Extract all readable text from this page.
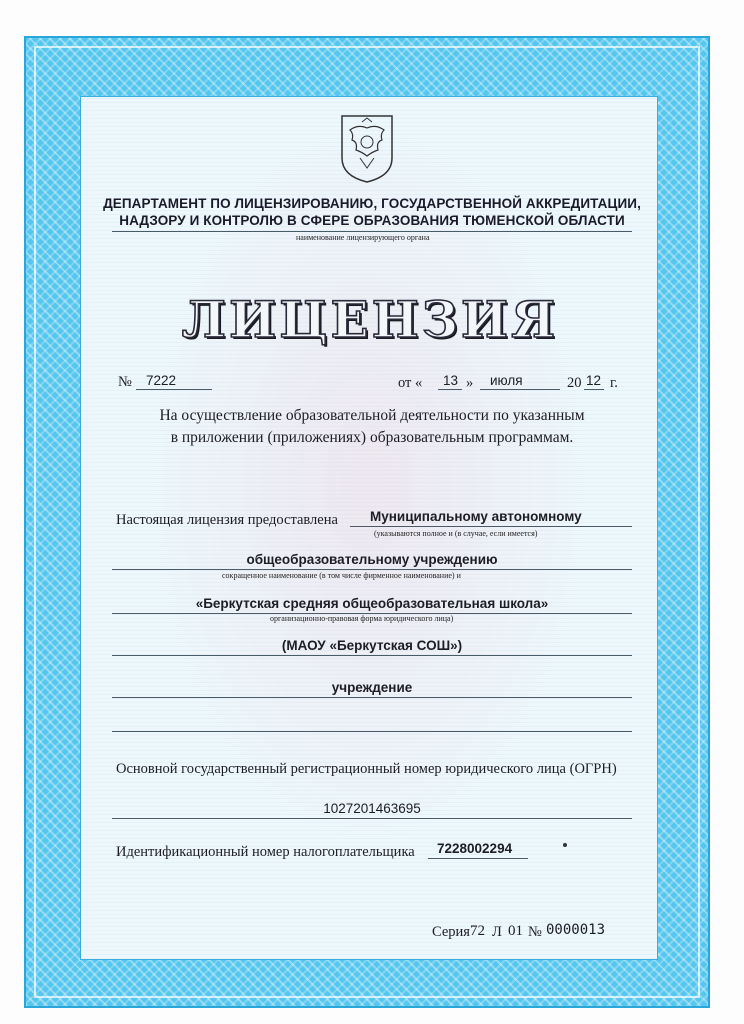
ДЕПАРТАМЕНТ ПО ЛИЦЕНЗИРОВАНИЮ, ГОСУДАРСТВЕННОЙ АККРЕДИТАЦИИ,
НАДЗОРУ И КОНТРОЛЮ В СФЕРЕ ОБРАЗОВАНИЯ ТЮМЕНСКОЙ ОБЛАСТИ
наименование лицензирующего органа
ЛИЦЕНЗИЯ
№ 7222	от « 13 » июля	20 12 г.
На осуществление образовательной деятельности по указанным
в приложении (приложениях) образовательным программам.
Настоящая лицензия предоставлена Муниципальному автономному
(указываются полное и (в случае, если имеется)
общеобразовательному учреждению
сокращенное наименование (в том числе фирменное наименование) и
«Беркутская средняя общеобразовательная школа»
организационно-правовая форма юридического лица)
(МАОУ «Беркутская СОШ»)
учреждение
Основной государственный регистрационный номер юридического лица (ОГРН)
1027201463695
Идентификационный номер налогоплательщика 7228002294
Серия 72 Л 01 № 0000013
